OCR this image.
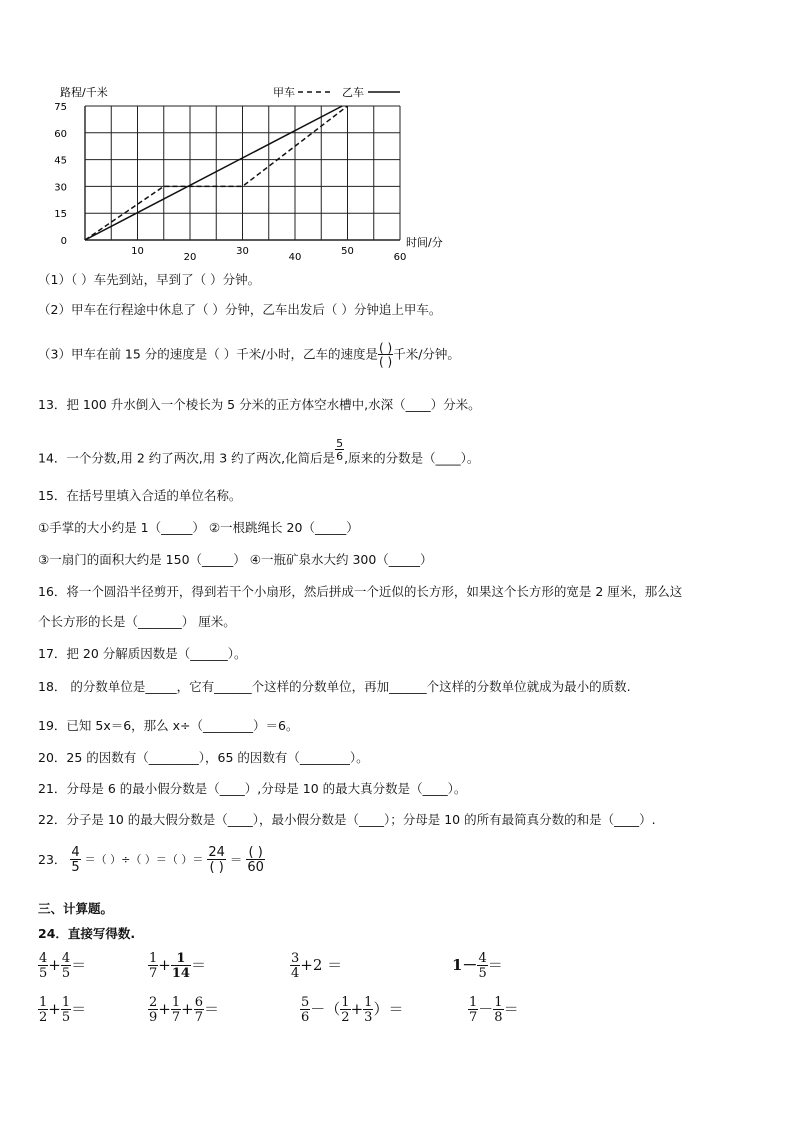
0
15
30
45
60
75
10
20
30
40
50
60
路程/千米
时间/分
甲车	乙车
（1）（ ）车先到站，早到了（ ）分钟。
（2）甲车在行程途中休息了（ ）分钟，乙车出发后（ ）分钟追上甲车。
（3）甲车在前 15 分的速度是（ ）千米/小时，乙车的速度是 $\frac{( )}{( )}$ 千米/分钟。
13．把 100 升水倒入一个棱长为 5 分米的正方体空水槽中,水深（____）分米。
14．一个分数,用 2 约了两次,用 3 约了两次,化简后是 $\frac{5}{6}$ ,原来的分数是（____）。
15．在括号里填入合适的单位名称。
①手掌的大小约是 1（_____） ②一根跳绳长 20（_____）
③一扇门的面积大约是 150（_____） ④一瓶矿泉水大约 300（_____）
16．将一个圆沿半径剪开，得到若干个小扇形，然后拼成一个近似的长方形，如果这个长方形的宽是 2 厘米，那么这
个长方形的长是（_______） 厘米。
17．把 20 分解质因数是（______）。
18． 的分数单位是_____，它有______个这样的分数单位，再加______个这样的分数单位就成为最小的质数.
19．已知 5x＝6，那么 x÷（________）＝6。
20．25 的因数有（________），65 的因数有（________）。
21．分母是 6 的最小假分数是（____）,分母是 10 的最大真分数是（____）。
22．分子是 10 的最大假分数是（____），最小假分数是（____）；分母是 10 的所有最简真分数的和是（____）.
23． $\frac{4}{5}$ ＝（ ）÷（ ）＝（ ）＝ $\frac{24}{( )} = \frac{( )}{60}$
三、计算题。
24．直接写得数.
$\frac{4}{5} + \frac{4}{5}$ ＝	$\frac{1}{7} + \frac{1}{14}$ ＝	$\frac{3}{4} +2$ ＝	$1- \frac{4}{5}$ ＝
$\frac{1}{2} + \frac{1}{5}$ ＝	$\frac{2}{9} + \frac{1}{7} + \frac{6}{7}$ ＝	$\frac{5}{6}$ －（ $\frac{1}{2} + \frac{1}{3}$ ）＝	$\frac{1}{7} - \frac{1}{8}$ ＝
